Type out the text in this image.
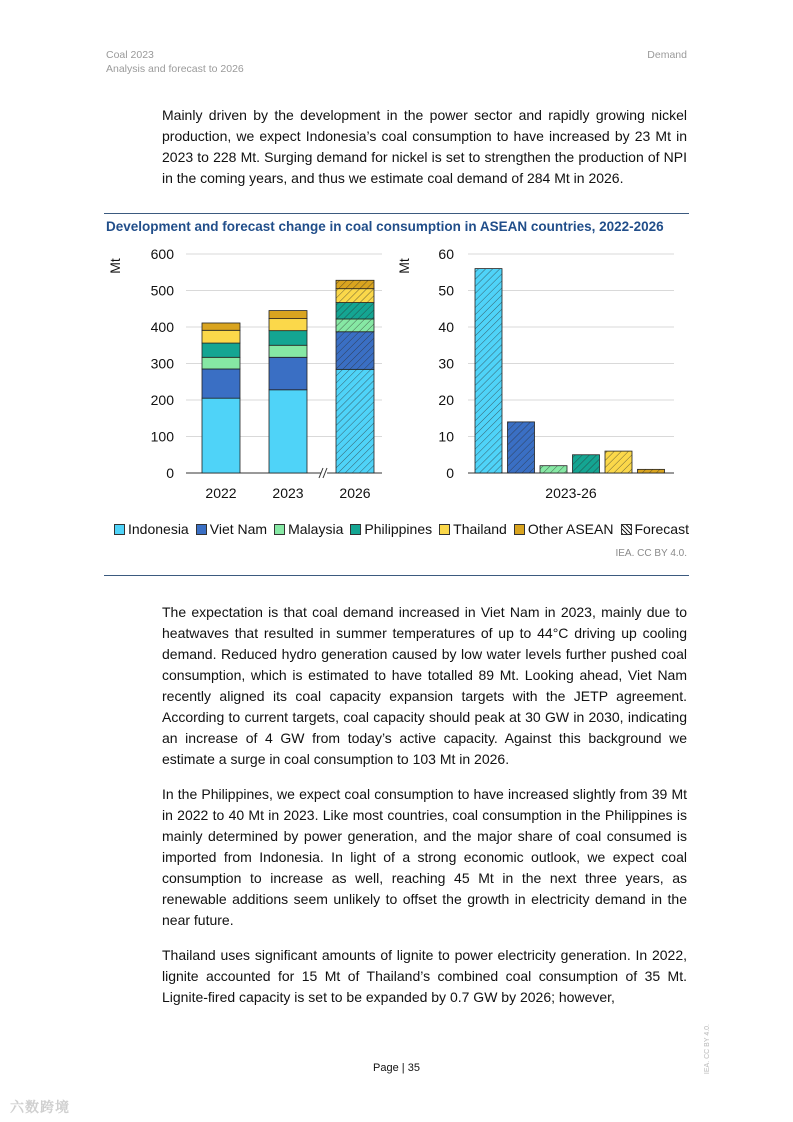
Coal 2023
Analysis and forecast to 2026
Demand

Mainly driven by the development in the power sector and rapidly growing nickel production, we expect Indonesia’s coal consumption to have increased by 23 Mt in 2023 to 228 Mt. Surging demand for nickel is set to strengthen the production of NPI in the coming years, and thus we estimate coal demand of 284 Mt in 2026.

Development and forecast change in coal consumption in ASEAN countries, 2022-2026
0
100
200
300
400
500
600
Mt
2022	2023	2026
0
10
20
30
40
50
60
Mt
2023-26
Indonesia Viet Nam Malaysia Philippines Thailand Other ASEAN Forecast
IEA. CC BY 4.0.

The expectation is that coal demand increased in Viet Nam in 2023, mainly due to heatwaves that resulted in summer temperatures of up to 44°C driving up cooling demand. Reduced hydro generation caused by low water levels further pushed coal consumption, which is estimated to have totalled 89 Mt. Looking ahead, Viet Nam recently aligned its coal capacity expansion targets with the JETP agreement. According to current targets, coal capacity should peak at 30 GW in 2030, indicating an increase of 4 GW from today’s active capacity. Against this background we estimate a surge in coal consumption to 103 Mt in 2026.

In the Philippines, we expect coal consumption to have increased slightly from 39 Mt in 2022 to 40 Mt in 2023. Like most countries, coal consumption in the Philippines is mainly determined by power generation, and the major share of coal consumed is imported from Indonesia. In light of a strong economic outlook, we expect coal consumption to increase as well, reaching 45 Mt in the next three years, as renewable additions seem unlikely to offset the growth in electricity demand in the near future.

Thailand uses significant amounts of lignite to power electricity generation. In 2022, lignite accounted for 15 Mt of Thailand’s combined coal consumption of 35 Mt. Lignite-fired capacity is set to be expanded by 0.7 GW by 2026; however,

Page | 35	IEA. CC BY 4.0.
六数跨境
